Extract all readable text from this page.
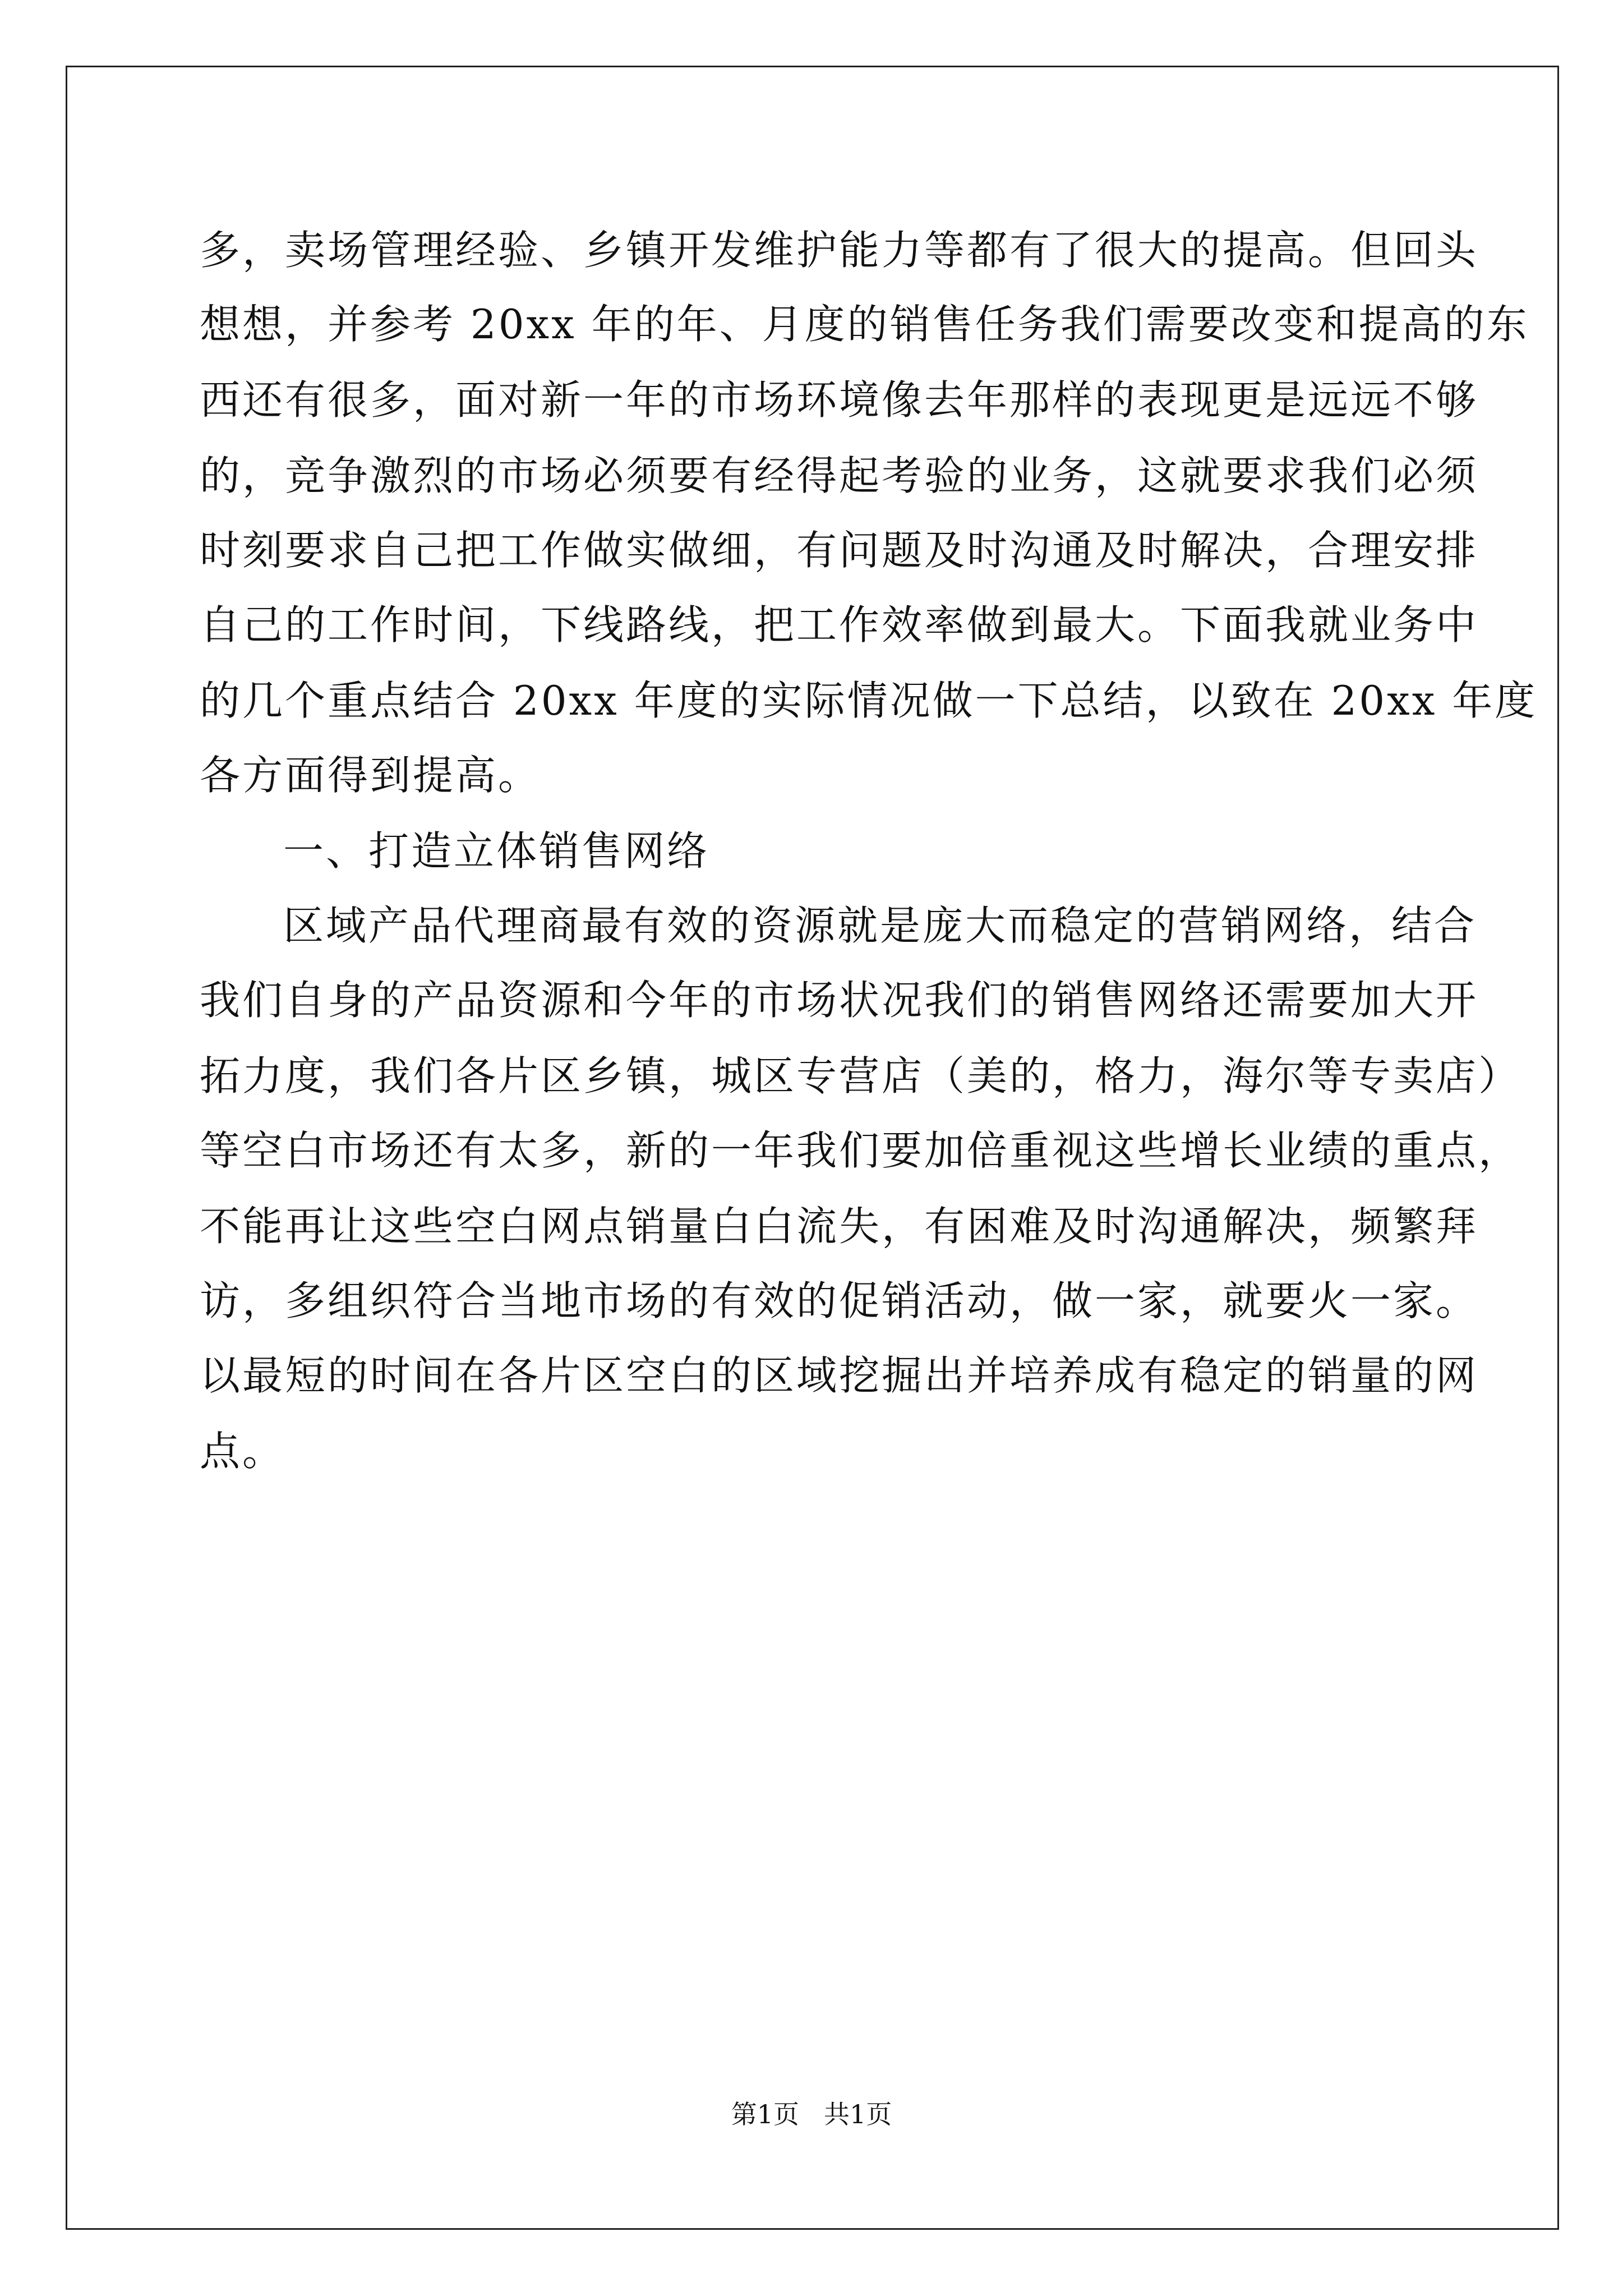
多，卖场管理经验、乡镇开发维护能力等都有了很大的提高。但回头
想想，并参考 20xx 年的年、月度的销售任务我们需要改变和提高的东
西还有很多，面对新一年的市场环境像去年那样的表现更是远远不够
的，竞争激烈的市场必须要有经得起考验的业务，这就要求我们必须
时刻要求自己把工作做实做细，有问题及时沟通及时解决，合理安排
自己的工作时间，下线路线，把工作效率做到最大。下面我就业务中
的几个重点结合 20xx 年度的实际情况做一下总结，以致在 20xx 年度
各方面得到提高。
一、打造立体销售网络
区域产品代理商最有效的资源就是庞大而稳定的营销网络，结合
我们自身的产品资源和今年的市场状况我们的销售网络还需要加大开
拓力度，我们各片区乡镇，城区专营店（美的，格力，海尔等专卖店）
等空白市场还有太多，新的一年我们要加倍重视这些增长业绩的重点，
不能再让这些空白网点销量白白流失，有困难及时沟通解决，频繁拜
访，多组织符合当地市场的有效的促销活动，做一家，就要火一家。
以最短的时间在各片区空白的区域挖掘出并培养成有稳定的销量的网
点。
第1页 共1页
